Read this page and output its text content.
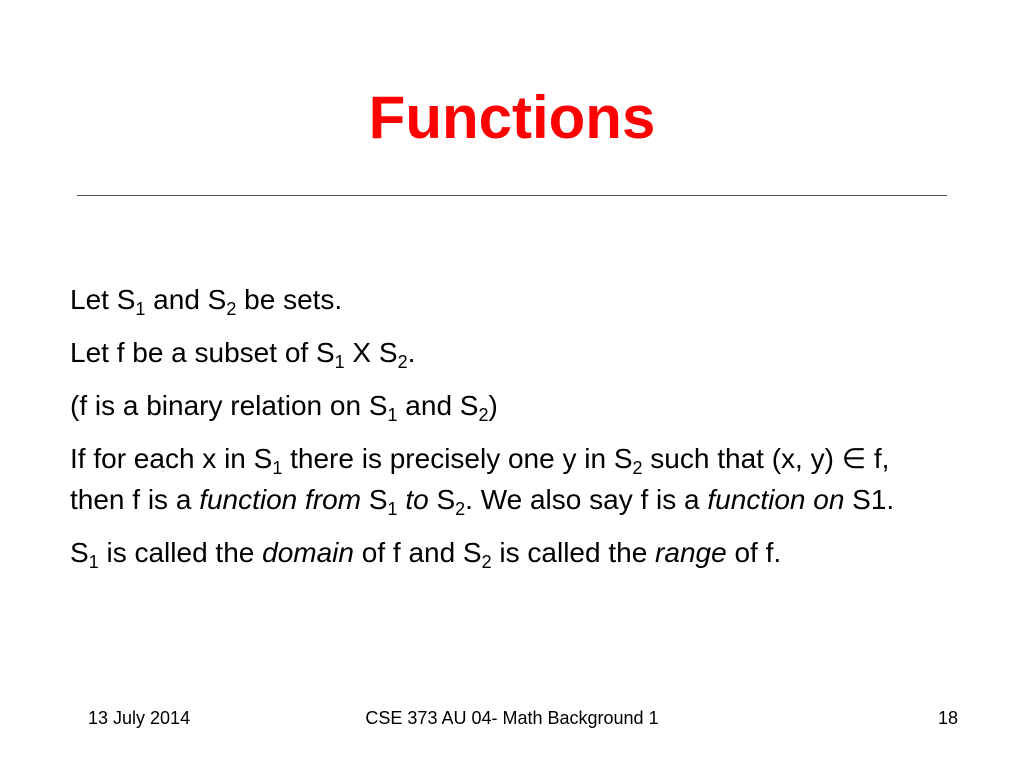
Functions

Let $S_1$ and $S_2$ be sets.

Let f be a subset of $S_1$ X $S_2$.

(f is a binary relation on $S_1$ and $S_2$)

If for each x in $S_1$ there is precisely one y in $S_2$ such that (x, y) ∈ f, then f is a function from $S_1$ to $S_2$. We also say f is a function on S1.

$S_1$ is called the domain of f and $S_2$ is called the range of f.

13 July 2014	CSE 373 AU 04- Math Background 1	18
